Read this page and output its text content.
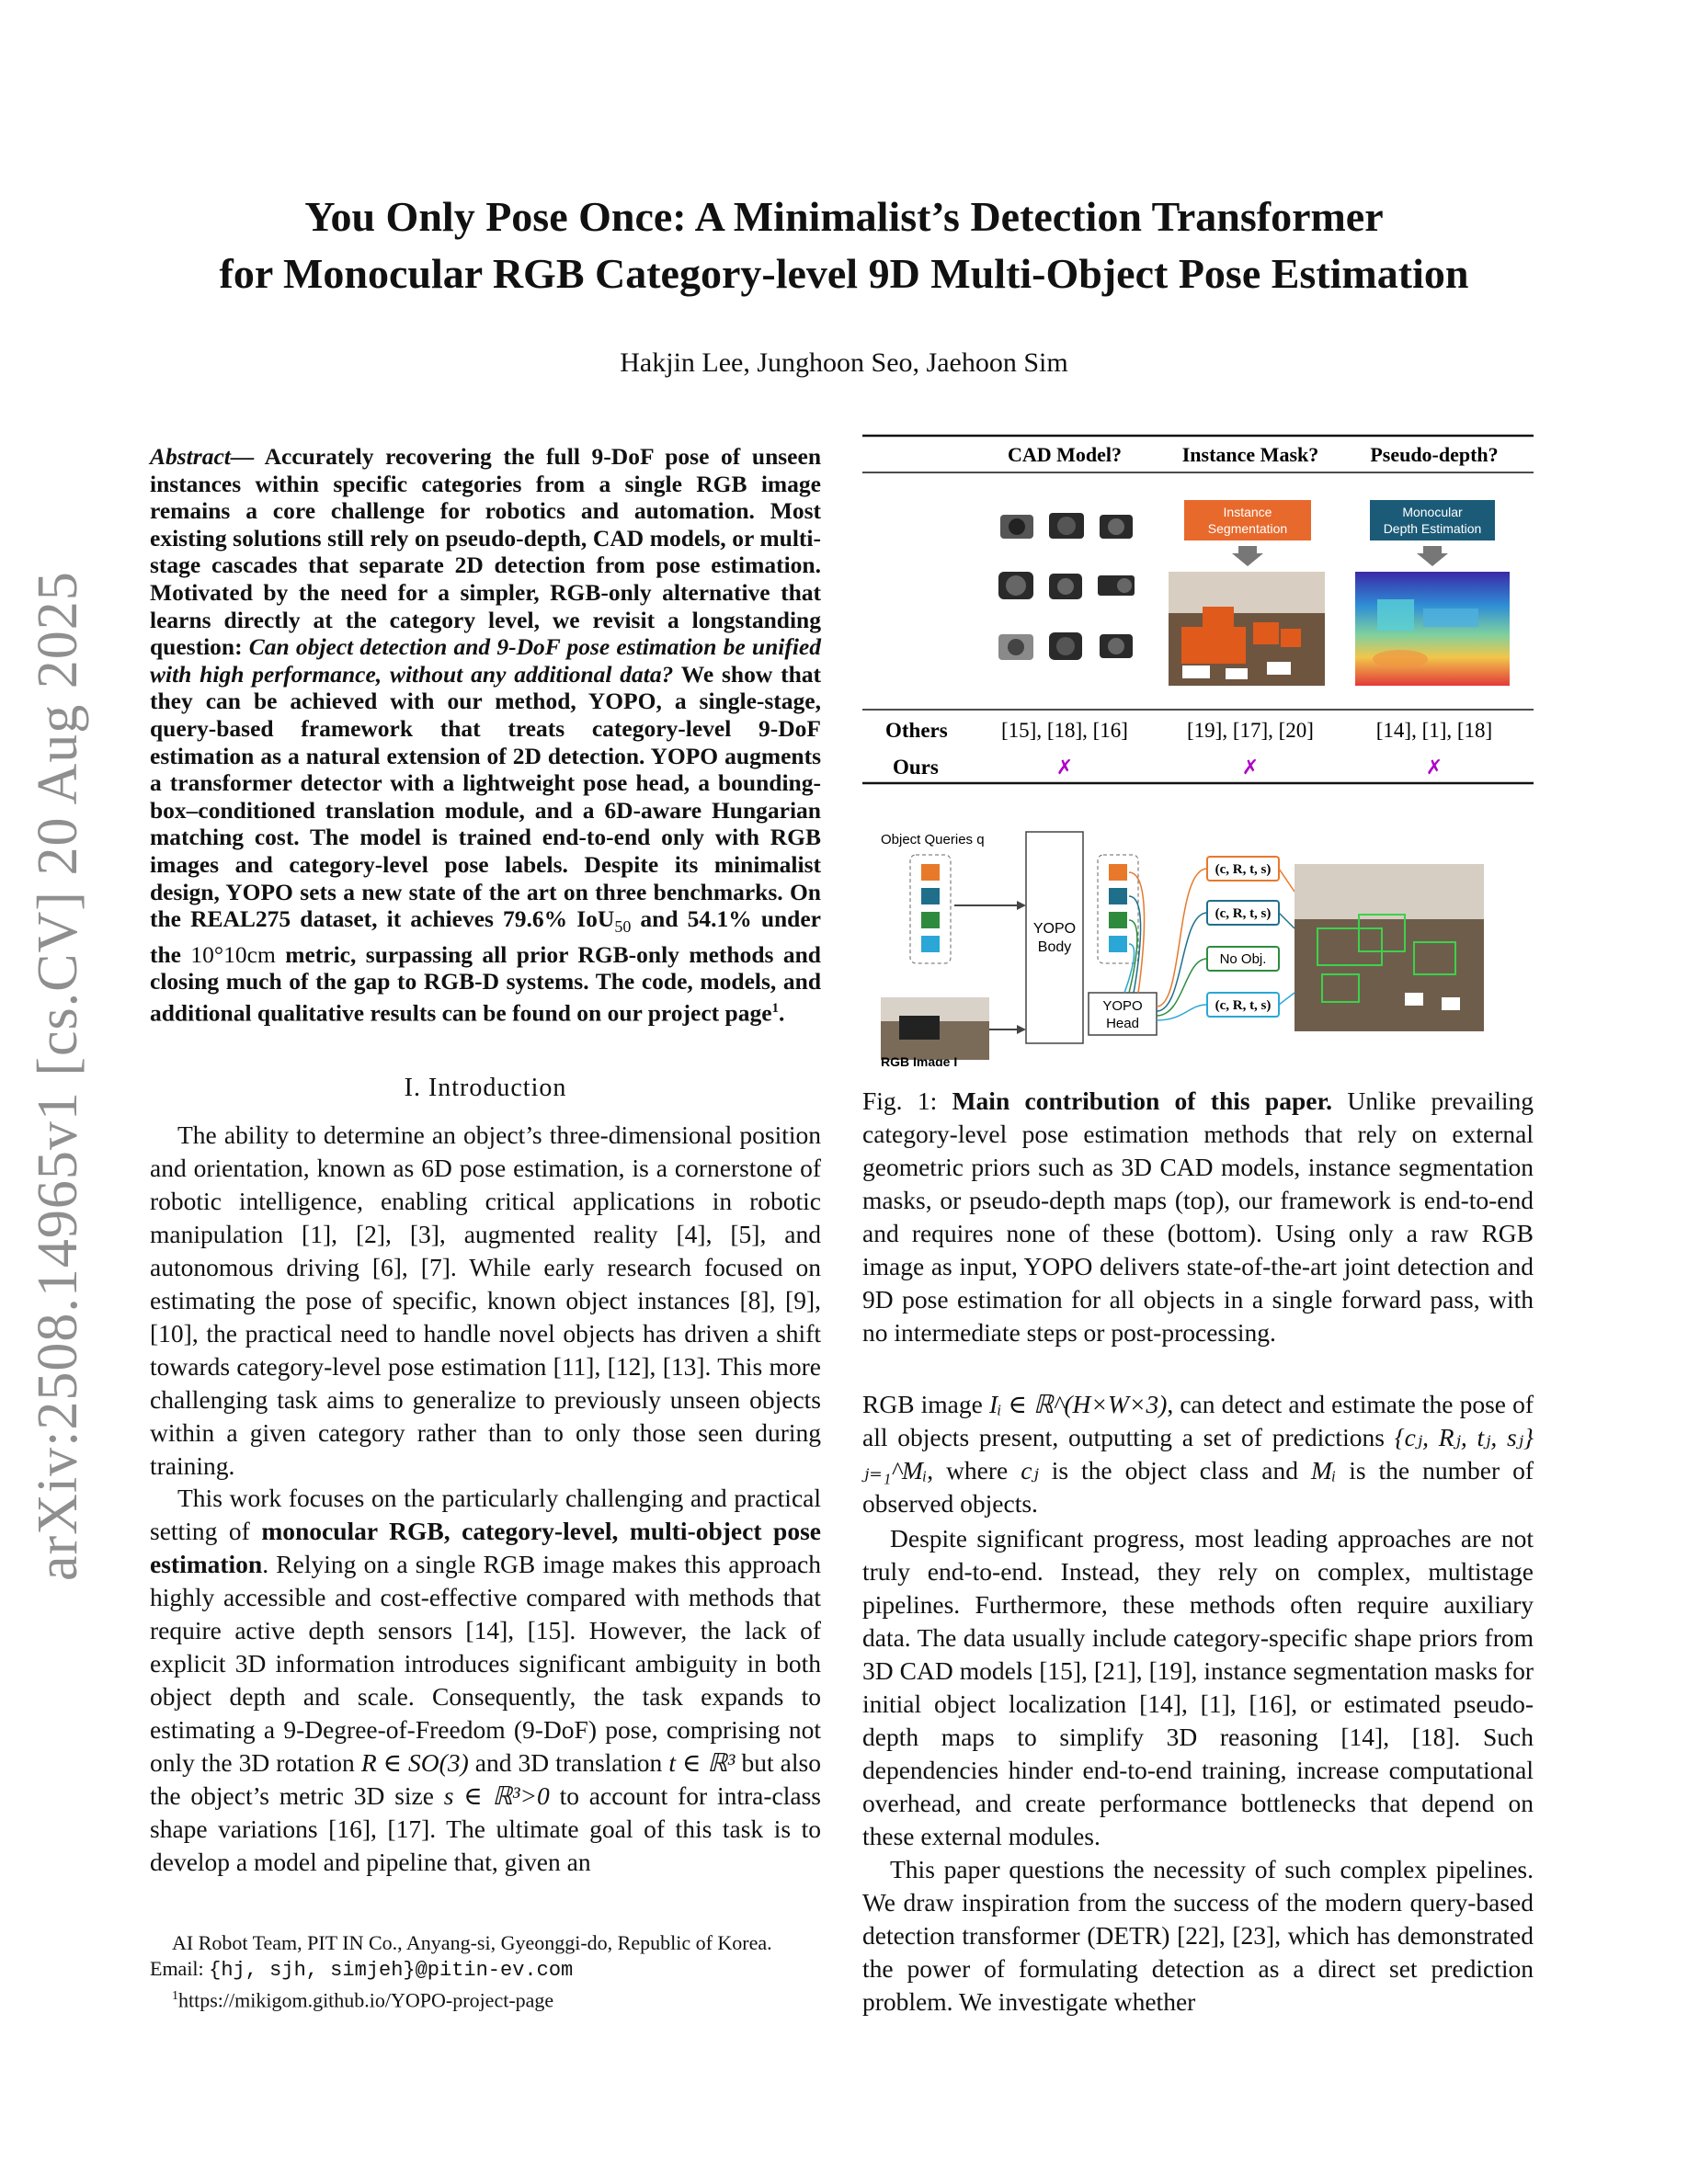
arXiv:2508.14965v1 [cs.CV] 20 Aug 2025
You Only Pose Once: A Minimalist’s Detection Transformer
for Monocular RGB Category-level 9D Multi-Object Pose Estimation
Hakjin Lee, Junghoon Seo, Jaehoon Sim
Abstract— Accurately recovering the full 9-DoF pose of unseen instances within specific categories from a single RGB image remains a core challenge for robotics and automation. Most existing solutions still rely on pseudo-depth, CAD models, or multi-stage cascades that separate 2D detection from pose estimation. Motivated by the need for a simpler, RGB-only alternative that learns directly at the category level, we revisit a longstanding question: Can object detection and 9-DoF pose estimation be unified with high performance, without any additional data? We show that they can be achieved with our method, YOPO, a single-stage, query-based framework that treats category-level 9-DoF estimation as a natural extension of 2D detection. YOPO augments a transformer detector with a lightweight pose head, a bounding-box–conditioned translation module, and a 6D-aware Hungarian matching cost. The model is trained end-to-end only with RGB images and category-level pose labels. Despite its minimalist design, YOPO sets a new state of the art on three benchmarks. On the REAL275 dataset, it achieves 79.6% IoU$_{50}$ and 54.1% under the 10°10cm metric, surpassing all prior RGB-only methods and closing much of the gap to RGB-D systems. The code, models, and additional qualitative results can be found on our project page$^1$.
I. Introduction
The ability to determine an object’s three-dimensional position and orientation, known as 6D pose estimation, is a cornerstone of robotic intelligence, enabling critical applications in robotic manipulation [1], [2], [3], augmented reality [4], [5], and autonomous driving [6], [7]. While early research focused on estimating the pose of specific, known object instances [8], [9], [10], the practical need to handle novel objects has driven a shift towards category-level pose estimation [11], [12], [13]. This more challenging task aims to generalize to previously unseen objects within a given category rather than to only those seen during training.
This work focuses on the particularly challenging and practical setting of monocular RGB, category-level, multi-object pose estimation. Relying on a single RGB image makes this approach highly accessible and cost-effective compared with methods that require active depth sensors [14], [15]. However, the lack of explicit 3D information introduces significant ambiguity in both object depth and scale. Consequently, the task expands to estimating a 9-Degree-of-Freedom (9-DoF) pose, comprising not only the 3D rotation R ∈ SO(3) and 3D translation t ∈ ℝ³ but also the object’s metric 3D size s ∈ ℝ³>0 to account for intra-class shape variations [16], [17]. The ultimate goal of this task is to develop a model and pipeline that, given an
AI Robot Team, PIT IN Co., Anyang-si, Gyeonggi-do, Republic of Korea.
Email: {hj, sjh, simjeh}@pitin-ev.com
$^1$https://mikigom.github.io/YOPO-project-page
CAD Model?	Instance Mask?	Pseudo-depth?
Instance
Segmentation
Monocular
Depth Estimation
Others	[15], [18], [16]	[19], [17], [20]	[14], [1], [18]
Ours	✗	✗	✗
Object Queries q
YOPO
Body
RGB Image I
YOPO
Head
(c, R, t, s)
(c, R, t, s)
No Obj.
(c, R, t, s)
Fig. 1: Main contribution of this paper. Unlike prevailing category-level pose estimation methods that rely on external geometric priors such as 3D CAD models, instance segmentation masks, or pseudo-depth maps (top), our framework is end-to-end and requires none of these (bottom). Using only a raw RGB image as input, YOPO delivers state-of-the-art joint detection and 9D pose estimation for all objects in a single forward pass, with no intermediate steps or post-processing.
RGB image Iᵢ ∈ ℝ^(H×W×3), can detect and estimate the pose of all objects present, outputting a set of predictions {cⱼ, Rⱼ, tⱼ, sⱼ}ⱼ₌₁^Mᵢ, where cⱼ is the object class and Mᵢ is the number of observed objects.
Despite significant progress, most leading approaches are not truly end-to-end. Instead, they rely on complex, multistage pipelines. Furthermore, these methods often require auxiliary data. The data usually include category-specific shape priors from 3D CAD models [15], [21], [19], instance segmentation masks for initial object localization [14], [1], [16], or estimated pseudo-depth maps to simplify 3D reasoning [14], [18]. Such dependencies hinder end-to-end training, increase computational overhead, and create performance bottlenecks that depend on these external modules.
This paper questions the necessity of such complex pipelines. We draw inspiration from the success of the modern query-based detection transformer (DETR) [22], [23], which has demonstrated the power of formulating detection as a direct set prediction problem. We investigate whether
